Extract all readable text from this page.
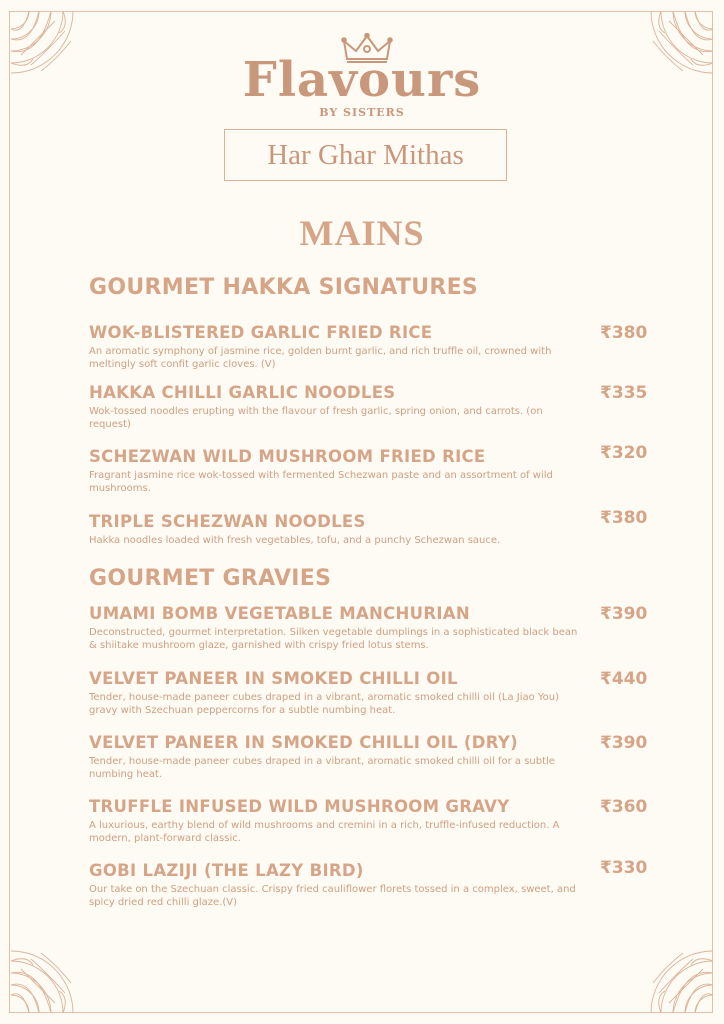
Flavours
BY SISTERS
Har Ghar Mithas
MAINS
GOURMET HAKKA SIGNATURES
WOK-BLISTERED GARLIC FRIED RICE
An aromatic symphony of jasmine rice, golden burnt garlic, and rich truffle oil, crowned with meltingly soft confit garlic cloves. (V)
₹380
HAKKA CHILLI GARLIC NOODLES
Wok-tossed noodles erupting with the flavour of fresh garlic, spring onion, and carrots. (on request)
₹335
SCHEZWAN WILD MUSHROOM FRIED RICE
Fragrant jasmine rice wok-tossed with fermented Schezwan paste and an assortment of wild mushrooms.
₹320
TRIPLE SCHEZWAN NOODLES
Hakka noodles loaded with fresh vegetables, tofu, and a punchy Schezwan sauce.
₹380
GOURMET GRAVIES
UMAMI BOMB VEGETABLE MANCHURIAN
Deconstructed, gourmet interpretation. Silken vegetable dumplings in a sophisticated black bean & shiitake mushroom glaze, garnished with crispy fried lotus stems.
₹390
VELVET PANEER IN SMOKED CHILLI OIL
Tender, house-made paneer cubes draped in a vibrant, aromatic smoked chilli oil (La Jiao You) gravy with Szechuan peppercorns for a subtle numbing heat.
₹440
VELVET PANEER IN SMOKED CHILLI OIL (DRY)
Tender, house-made paneer cubes draped in a vibrant, aromatic smoked chilli oil for a subtle numbing heat.
₹390
TRUFFLE INFUSED WILD MUSHROOM GRAVY
A luxurious, earthy blend of wild mushrooms and cremini in a rich, truffle-infused reduction. A modern, plant-forward classic.
₹360
GOBI LAZIJI (THE LAZY BIRD)
Our take on the Szechuan classic. Crispy fried cauliflower florets tossed in a complex, sweet, and spicy dried red chilli glaze.(V)
₹330
